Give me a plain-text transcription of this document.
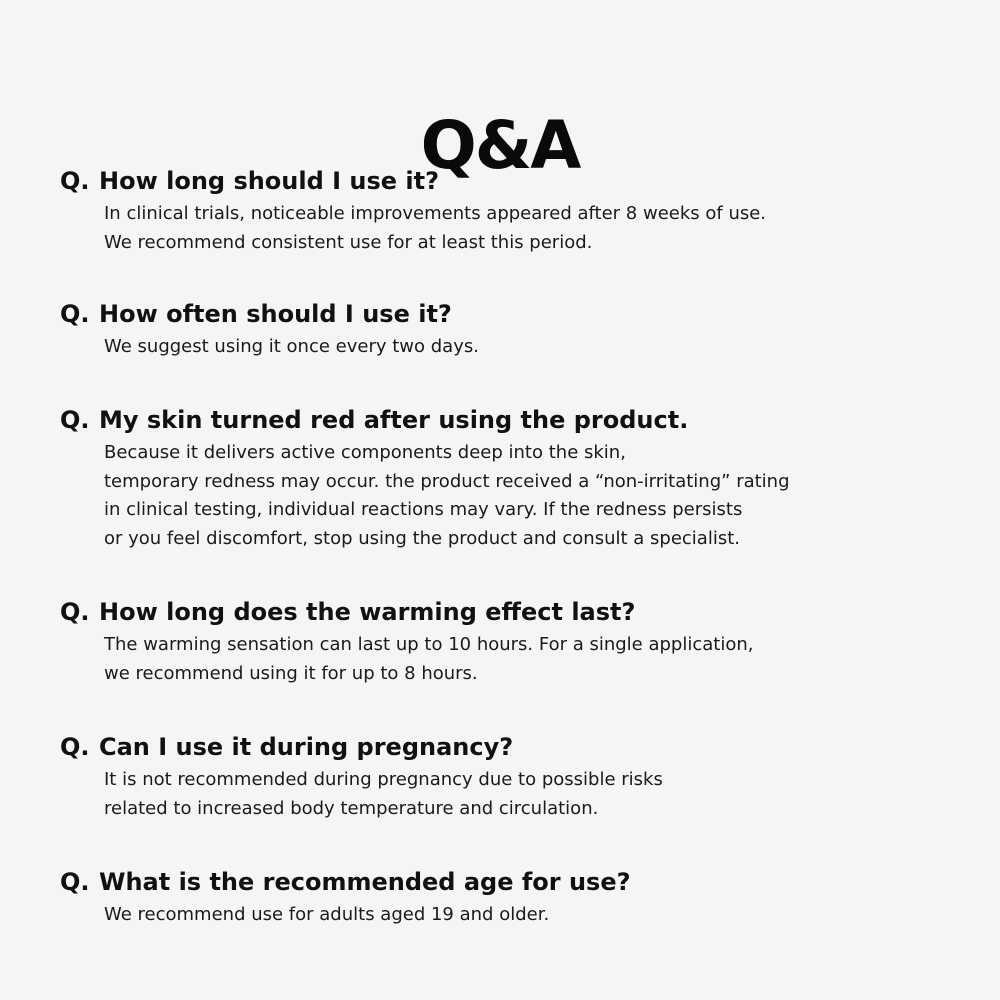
Q&A
Q. How long should I use it?
In clinical trials, noticeable improvements appeared after 8 weeks of use.
We recommend consistent use for at least this period.
Q. How often should I use it?
We suggest using it once every two days.
Q. My skin turned red after using the product.
Because it delivers active components deep into the skin,
temporary redness may occur. the product received a “non-irritating” rating
in clinical testing, individual reactions may vary. If the redness persists
or you feel discomfort, stop using the product and consult a specialist.
Q. How long does the warming effect last?
The warming sensation can last up to 10 hours. For a single application,
we recommend using it for up to 8 hours.
Q. Can I use it during pregnancy?
It is not recommended during pregnancy due to possible risks
related to increased body temperature and circulation.
Q. What is the recommended age for use?
We recommend use for adults aged 19 and older.
